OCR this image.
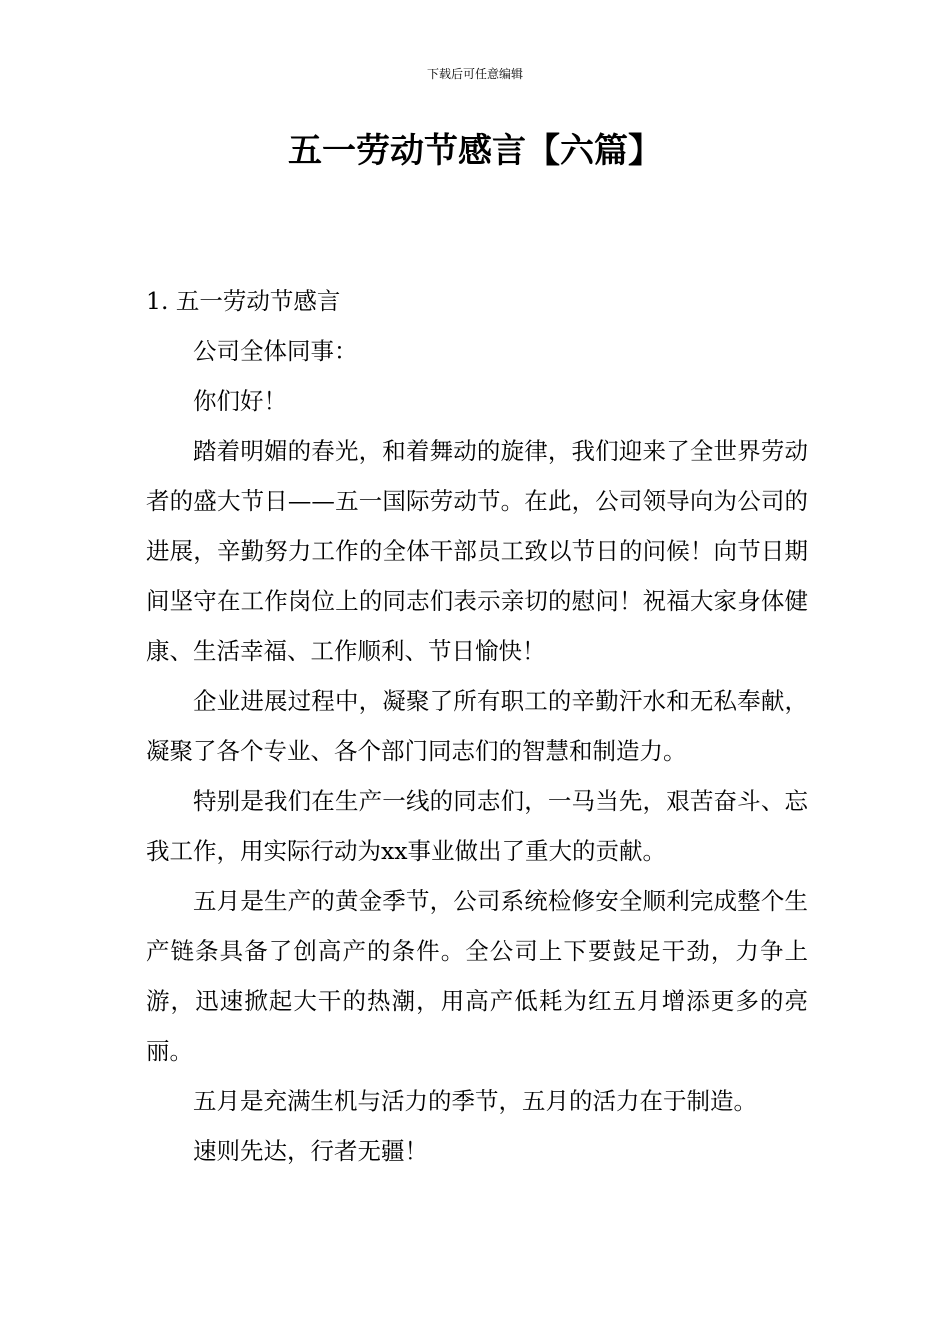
下载后可任意编辑
五一劳动节感言【六篇】

1. 五一劳动节感言

公司全体同事：

你们好！

踏着明媚的春光，和着舞动的旋律，我们迎来了全世界劳动者的盛大节日——五一国际劳动节。在此，公司领导向为公司的进展，辛勤努力工作的全体干部员工致以节日的问候！向节日期间坚守在工作岗位上的同志们表示亲切的慰问！祝福大家身体健康、生活幸福、工作顺利、节日愉快！

企业进展过程中，凝聚了所有职工的辛勤汗水和无私奉献，凝聚了各个专业、各个部门同志们的智慧和制造力。

特别是我们在生产一线的同志们，一马当先，艰苦奋斗、忘我工作，用实际行动为xx事业做出了重大的贡献。

五月是生产的黄金季节，公司系统检修安全顺利完成整个生产链条具备了创高产的条件。全公司上下要鼓足干劲，力争上游，迅速掀起大干的热潮，用高产低耗为红五月增添更多的亮丽。

五月是充满生机与活力的季节，五月的活力在于制造。

速则先达，行者无疆！
